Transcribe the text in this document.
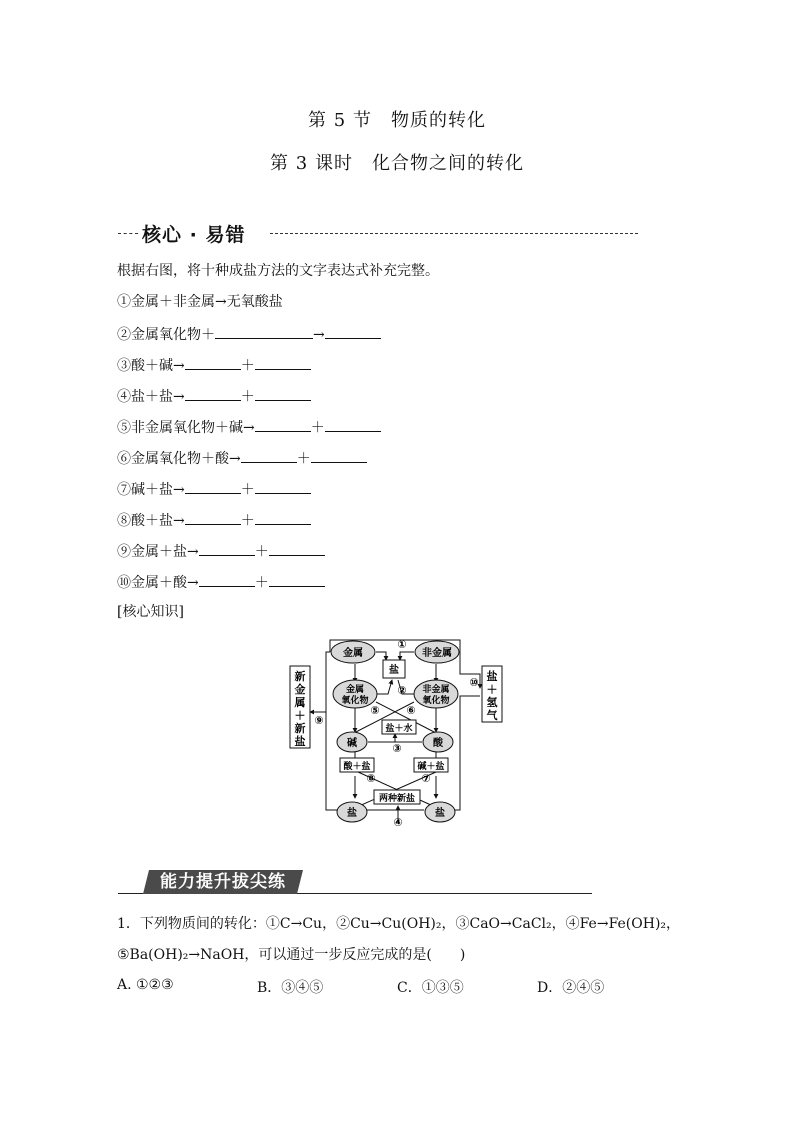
第 5 节　物质的转化
第 3 课时　化合物之间的转化
核心 · 易错
根据右图，将十种成盐方法的文字表达式补充完整。
①金属＋非金属→无氧酸盐
②金属氧化物＋	→
③酸＋碱→	＋
④盐＋盐→	＋
⑤非金属氧化物＋碱→	＋
⑥金属氧化物＋酸→	＋
⑦碱＋盐→	＋
⑧酸＋盐→	＋
⑨金属＋盐→	＋
⑩金属＋酸→	＋
[核心知识]
新
金
属
＋
新
盐
盐
＋
氢
气
金属	非金属
金属
氧化物
非金属
氧化物
碱	酸
盐	盐
盐
盐＋水
酸＋盐	碱＋盐
两种新盐
①
②
③
④
⑤ ⑥
⑦
⑧
⑨
⑩
能力提升拔尖练
1．下列物质间的转化：①C→Cu，②Cu→Cu(OH)₂，③CaO→CaCl₂，④Fe→Fe(OH)₂，
⑤Ba(OH)₂→NaOH，可以通过一步反应完成的是(　　)
A. ①②③	B．③④⑤	C．①③⑤	D．②④⑤
